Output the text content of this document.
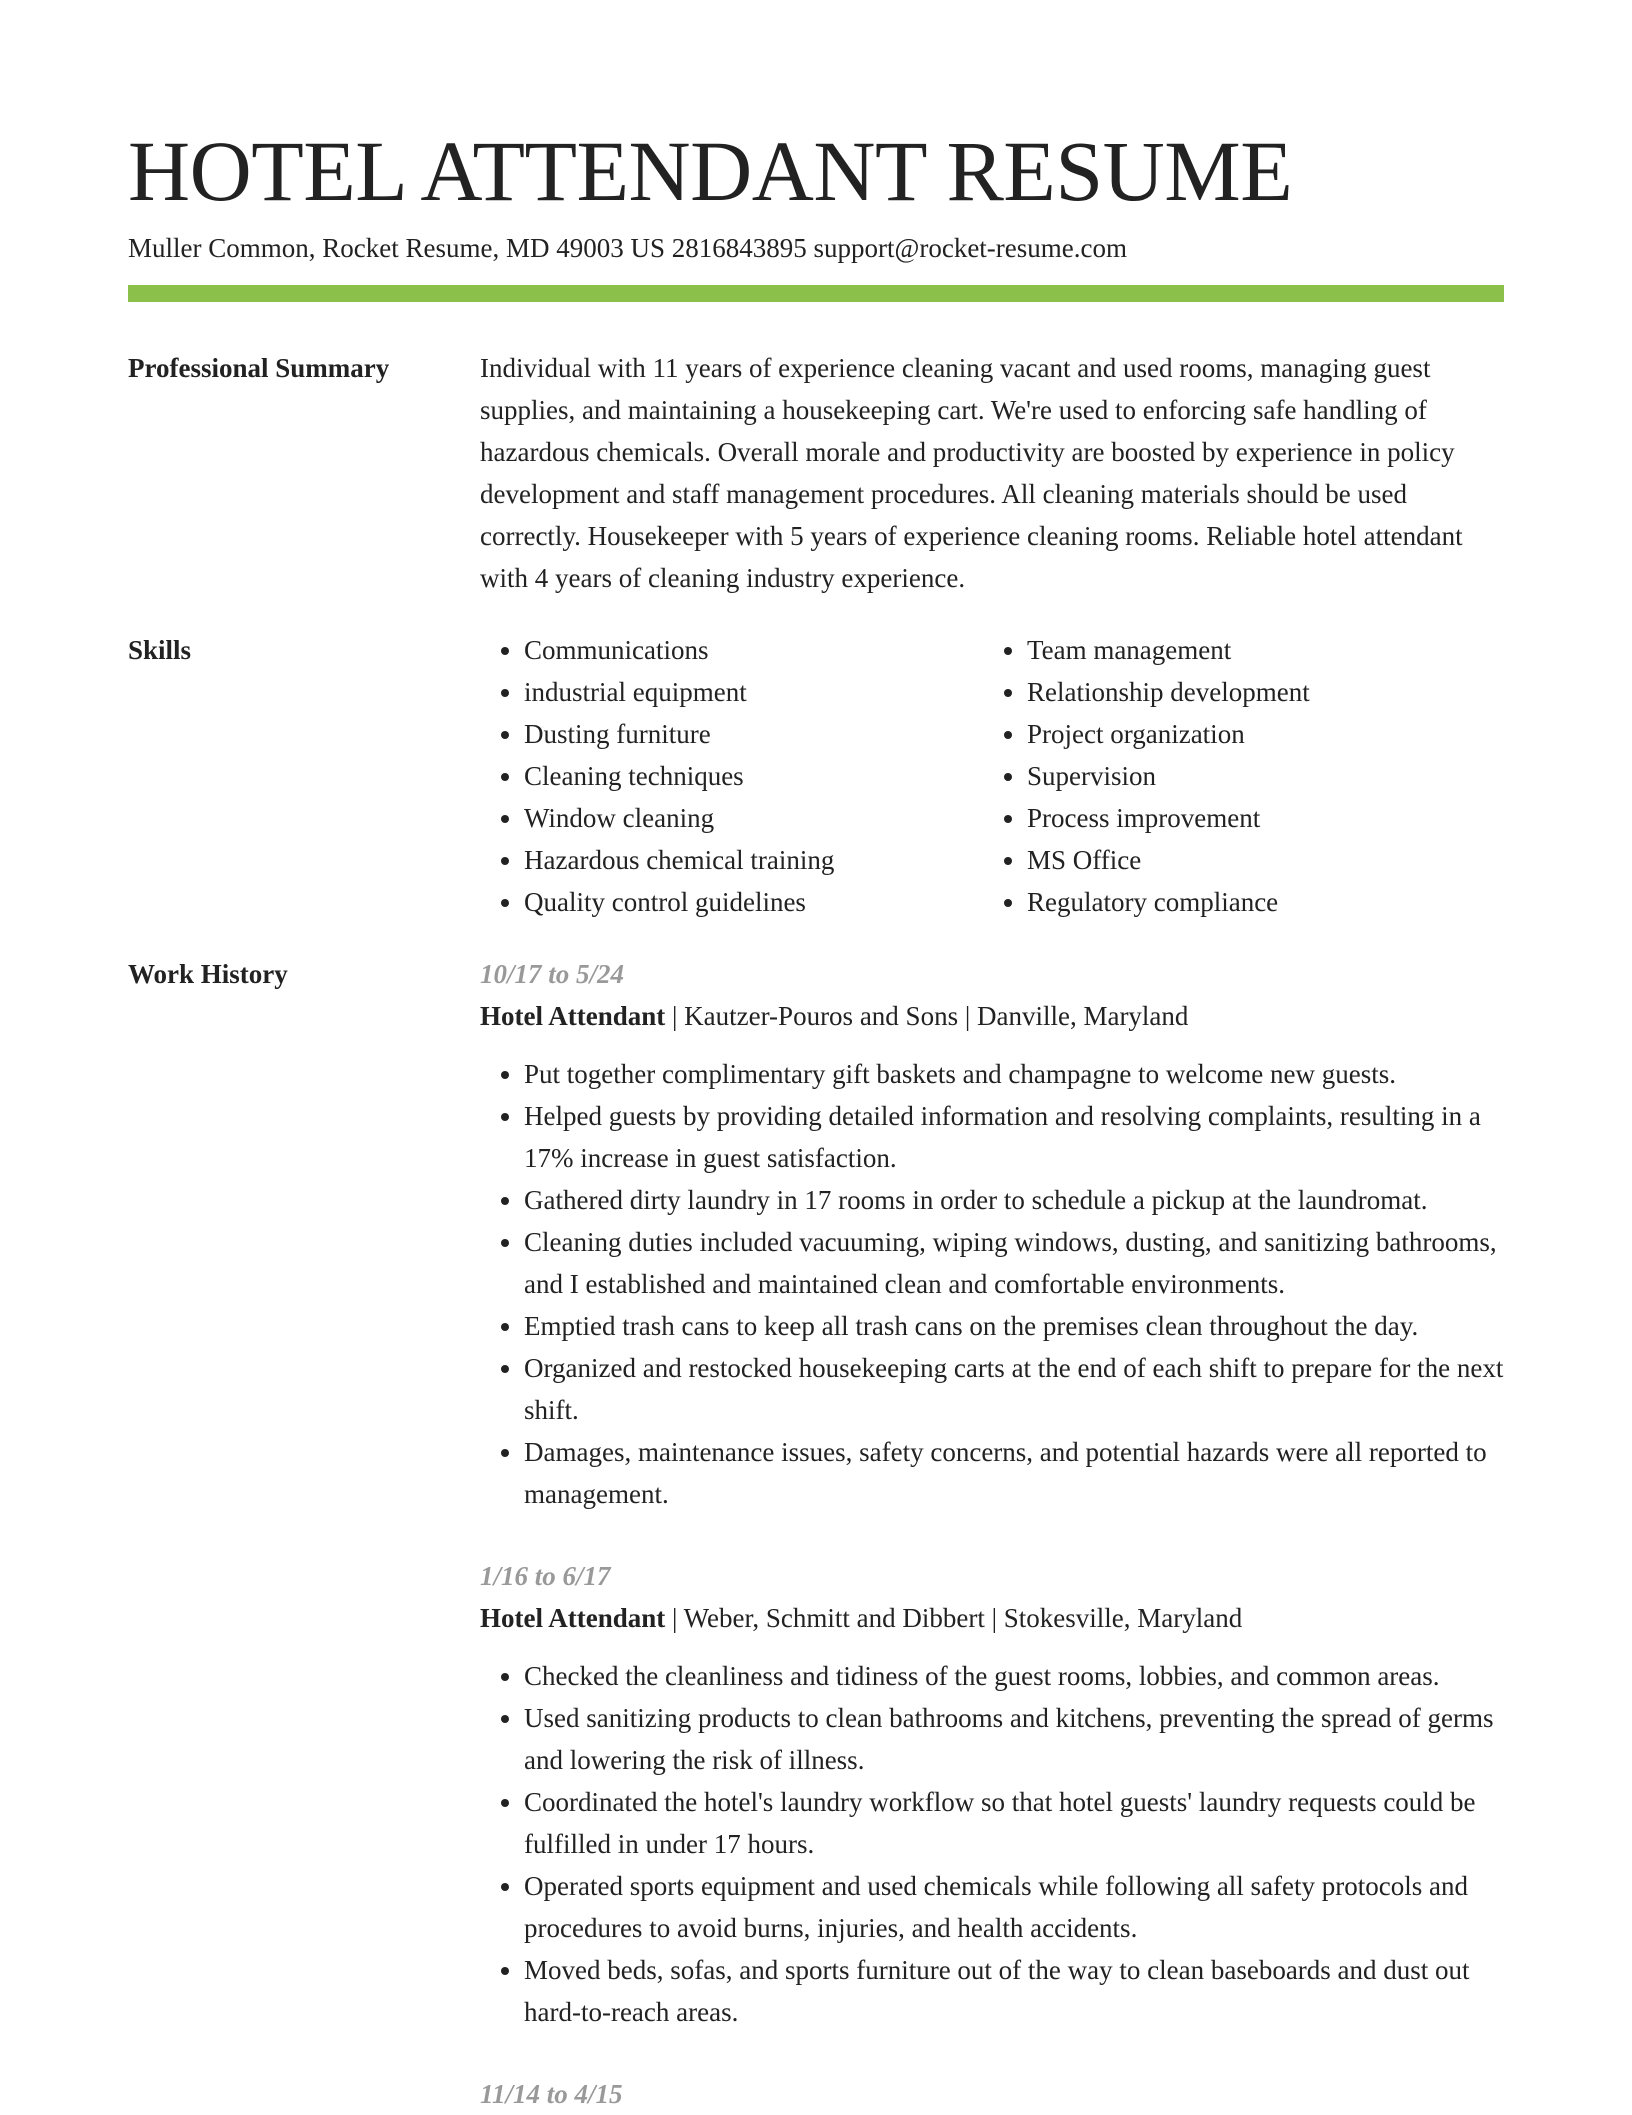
HOTEL ATTENDANT RESUME
Muller Common, Rocket Resume, MD 49003 US 2816843895 support@rocket-resume.com
Professional Summary	Individual with 11 years of experience cleaning vacant and used rooms, managing guest supplies, and maintaining a housekeeping cart. We're used to enforcing safe handling of hazardous chemicals. Overall morale and productivity are boosted by experience in policy development and staff management procedures. All cleaning materials should be used correctly. Housekeeper with 5 years of experience cleaning rooms. Reliable hotel attendant with 4 years of cleaning industry experience.

Skills
•	Communications
• industrial equipment
• Dusting furniture
• Cleaning techniques
• Window cleaning
• Hazardous chemical training
• Quality control guidelines
• Team management
• Relationship development
• Project organization
• Supervision
• Process improvement
• MS Office
• Regulatory compliance
Work History	10/17 to 5/24
Hotel Attendant | Kautzer-Pouros and Sons | Danville, Maryland
• Put together complimentary gift baskets and champagne to welcome new guests.
• Helped guests by providing detailed information and resolving complaints, resulting in a 17% increase in guest satisfaction.
• Gathered dirty laundry in 17 rooms in order to schedule a pickup at the laundromat.
• Cleaning duties included vacuuming, wiping windows, dusting, and sanitizing bathrooms, and I established and maintained clean and comfortable environments.
• Emptied trash cans to keep all trash cans on the premises clean throughout the day.
• Organized and restocked housekeeping carts at the end of each shift to prepare for the next shift.
• Damages, maintenance issues, safety concerns, and potential hazards were all reported to management.
1/16 to 6/17
Hotel Attendant | Weber, Schmitt and Dibbert | Stokesville, Maryland
• Checked the cleanliness and tidiness of the guest rooms, lobbies, and common areas.
• Used sanitizing products to clean bathrooms and kitchens, preventing the spread of germs and lowering the risk of illness.
• Coordinated the hotel's laundry workflow so that hotel guests' laundry requests could be fulfilled in under 17 hours.
• Operated sports equipment and used chemicals while following all safety protocols and procedures to avoid burns, injuries, and health accidents.
• Moved beds, sofas, and sports furniture out of the way to clean baseboards and dust out hard-to-reach areas.
11/14 to 4/15
